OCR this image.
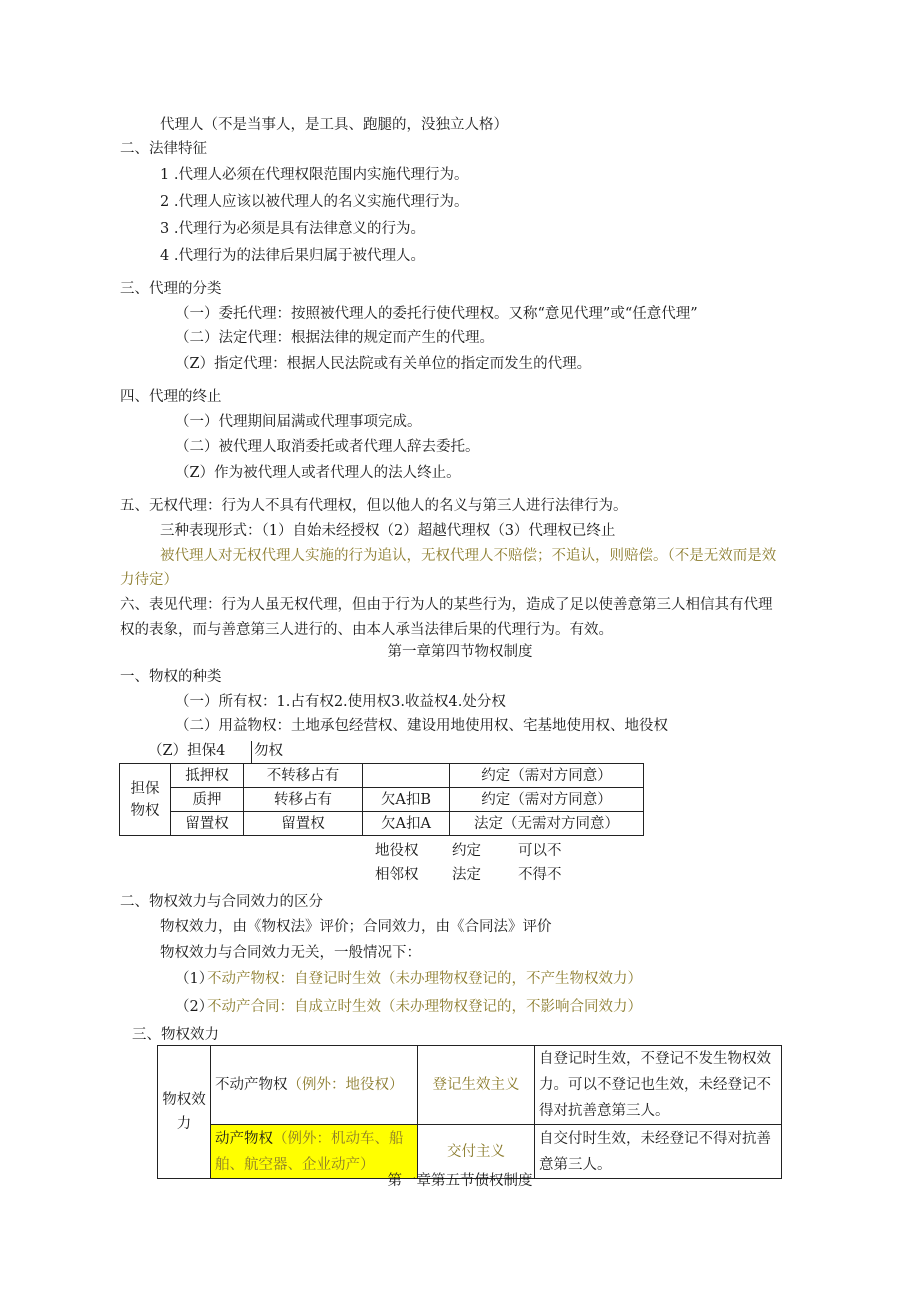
代理人（不是当事人，是工具、跑腿的，没独立人格）
二、法律特征
1 .代理人必须在代理权限范围内实施代理行为。
2 .代理人应该以被代理人的名义实施代理行为。
3 .代理行为必须是具有法律意义的行为。
4 .代理行为的法律后果归属于被代理人。
三、代理的分类
（一）委托代理：按照被代理人的委托行使代理权。又称“意见代理”或“任意代理”
（二）法定代理：根据法律的规定而产生的代理。
（Z）指定代理：根据人民法院或有关单位的指定而发生的代理。
四、代理的终止
（一）代理期间届满或代理事项完成。
（二）被代理人取消委托或者代理人辞去委托。
（Z）作为被代理人或者代理人的法人终止。
五、无权代理：行为人不具有代理权，但以他人的名义与第三人进行法律行为。
三种表现形式：（1）自始未经授权（2）超越代理权（3）代理权已终止
被代理人对无权代理人实施的行为追认，无权代理人不赔偿；不追认，则赔偿。（不是无效而是效
力待定）
六、表见代理：行为人虽无权代理，但由于行为人的某些行为，造成了足以使善意第三人相信其有代理
权的表象，而与善意第三人进行的、由本人承当法律后果的代理行为。有效。
第一章第四节物权制度
一、物权的种类
（一）所有权：1.占有权2.使用权3.收益权4.处分权
（二）用益物权：土地承包经营权、建设用地使用权、宅基地使用权、地役权
（Z）担保4 勿权
担保物权	抵押权	不转移占有		约定（需对方同意）
	质押	转移占有	欠A扣B	约定（需对方同意）
	留置权	留置权	欠A扣A	法定（无需对方同意）
地役权 约定	可以不
相邻权 法定	不得不
二、物权效力与合同效力的区分
物权效力，由《物权法》评价；合同效力，由《合同法》评价
物权效力与合同效力无关，一般情况下：
（1）
不动产物权：自登记时生效（未办理物权登记的，不产生物权效力）
（2）
不动产合同：自成立时生效（未办理物权登记的，不影响合同效力）
三、物权效力
物权效力	不动产物权（例外：地役权）	登记生效主义	自登记时生效，不登记不发生物权效力。可以不登记也生效，未经登记不得对抗善意第三人。
	动产物权（例外：机动车、船舶、航空器、企业动产）	交付主义	自交付时生效，未经登记不得对抗善意第三人。
第一章第五节债权制度
